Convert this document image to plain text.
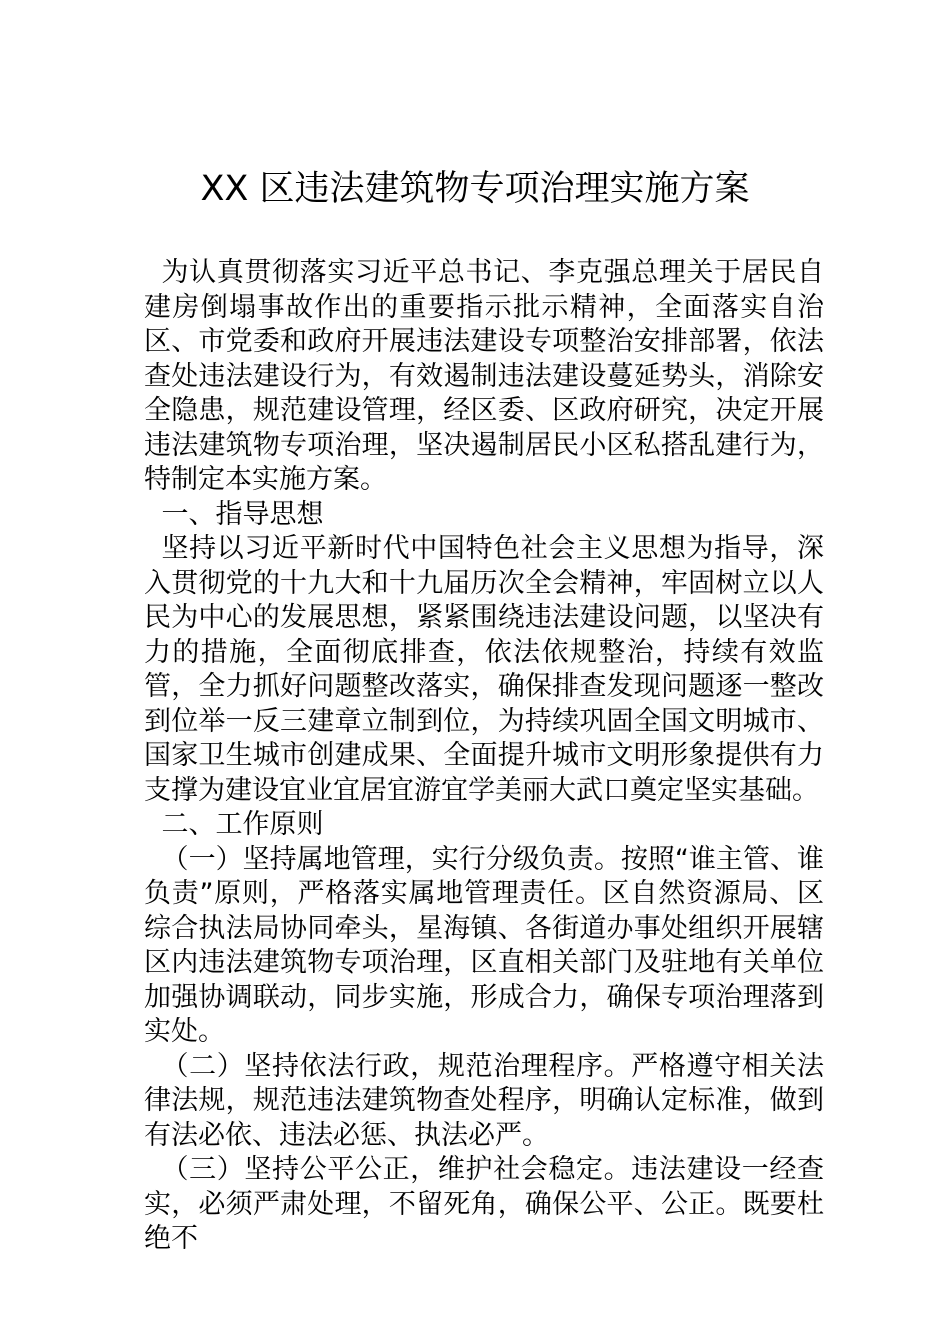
XX 区违法建筑物专项治理实施方案

为认真贯彻落实习近平总书记、李克强总理关于居民自建房倒塌事故作出的重要指示批示精神，全面落实自治区、市党委和政府开展违法建设专项整治安排部署，依法查处违法建设行为，有效遏制违法建设蔓延势头，消除安全隐患，规范建设管理，经区委、区政府研究，决定开展违法建筑物专项治理，坚决遏制居民小区私搭乱建行为，特制定本实施方案。

一、指导思想

坚持以习近平新时代中国特色社会主义思想为指导，深入贯彻党的十九大和十九届历次全会精神，牢固树立以人民为中心的发展思想，紧紧围绕违法建设问题，以坚决有力的措施，全面彻底排查，依法依规整治，持续有效监管，全力抓好问题整改落实，确保排查发现问题逐一整改到位举一反三建章立制到位，为持续巩固全国文明城市、国家卫生城市创建成果、全面提升城市文明形象提供有力支撑为建设宜业宜居宜游宜学美丽大武口奠定坚实基础。

二、工作原则

（一）坚持属地管理，实行分级负责。按照“谁主管、谁负责”原则，严格落实属地管理责任。区自然资源局、区综合执法局协同牵头，星海镇、各街道办事处组织开展辖区内违法建筑物专项治理，区直相关部门及驻地有关单位加强协调联动，同步实施，形成合力，确保专项治理落到实处。

（二）坚持依法行政，规范治理程序。严格遵守相关法律法规，规范违法建筑物查处程序，明确认定标准，做到有法必依、违法必惩、执法必严。

（三）坚持公平公正，维护社会稳定。违法建设一经查实，必须严肃处理，不留死角，确保公平、公正。既要杜绝不
